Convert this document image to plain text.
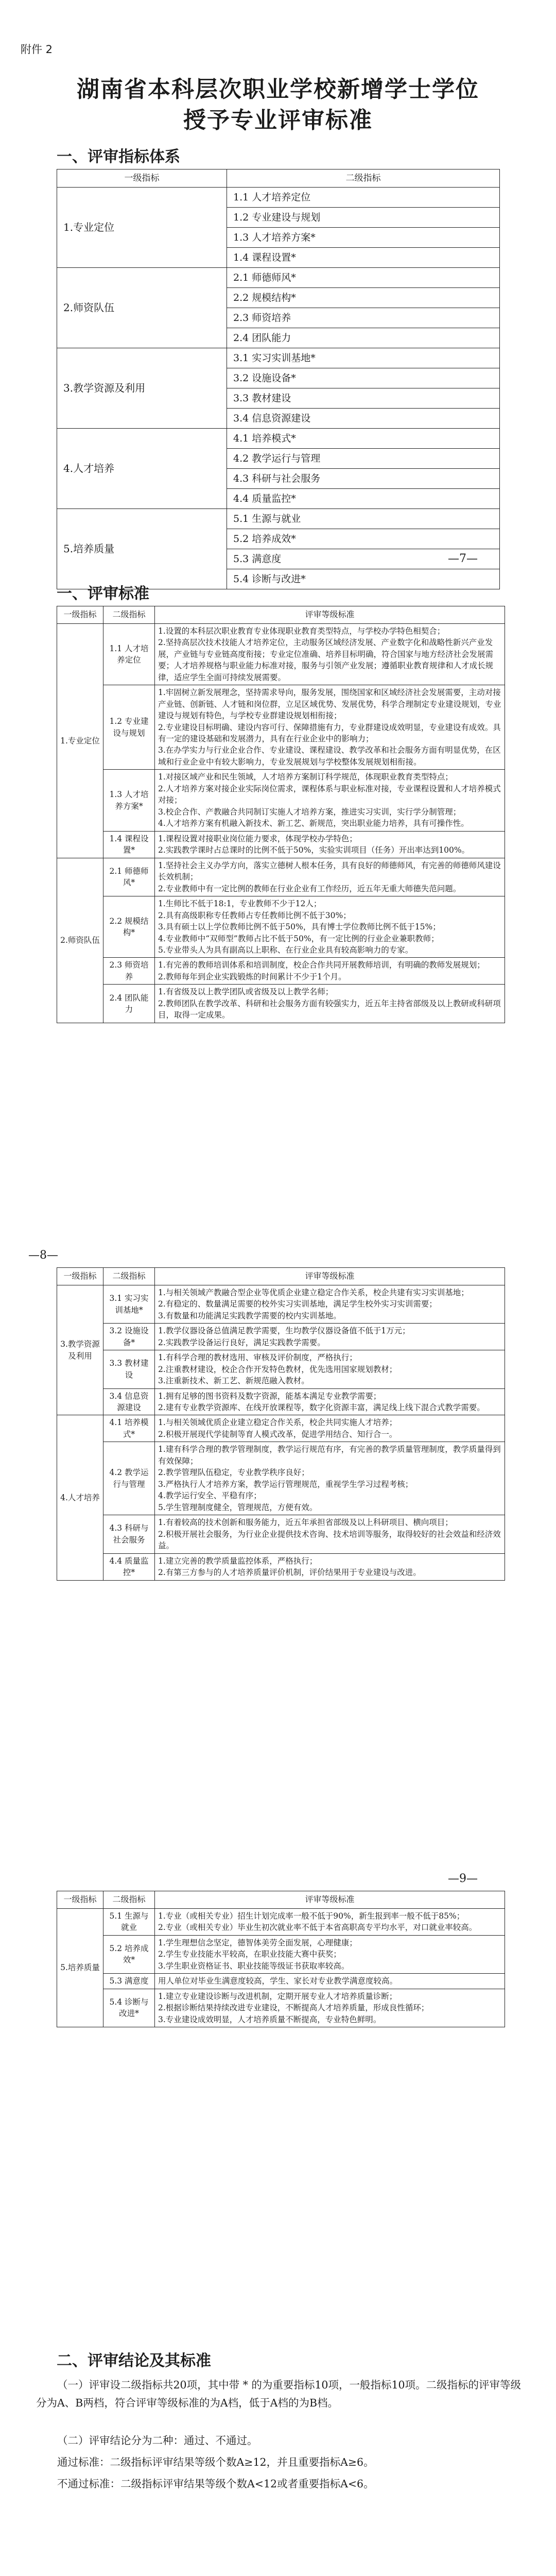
附件 2
湖南省本科层次职业学校新增学士学位
授予专业评审标准
一、评审指标体系
一级指标	二级指标
1.专业定位	1.1 人才培养定位
	1.2 专业建设与规划
	1.3 人才培养方案*
	1.4 课程设置*
2.师资队伍	2.1 师德师风*
	2.2 规模结构*
	2.3 师资培养
	2.4 团队能力
3.教学资源及利用	3.1 实习实训基地*
	3.2 设施设备*
	3.3 教材建设
	3.4 信息资源建设
4.人才培养	4.1 培养模式*
	4.2 教学运行与管理
	4.3 科研与社会服务
	4.4 质量监控*
5.培养质量	5.1 生源与就业
	5.2 培养成效*
	5.3 满意度
	5.4 诊断与改进*
—7—
一、评审标准
一级指标	二级指标	评审等级标准
1.专业定位	1.1 人才培养定位	1.设置的本科层次职业教育专业体现职业教育类型特点，与学校办学特色相契合；
2.坚持高层次技术技能人才培养定位，主动服务区域经济发展、产业数字化和战略性新兴产业发展，产业链与专业链高度衔接；专业定位准确、培养目标明确，符合国家与地方经济社会发展需要；人才培养规格与职业能力标准对接，服务与引领产业发展；遵循职业教育规律和人才成长规律，适应学生全面可持续发展需要。
	1.2 专业建设与规划	1.牢固树立新发展理念，坚持需求导向，服务发展，围绕国家和区域经济社会发展需要，主动对接产业链、创新链、人才链和岗位群，立足区域优势、发展优势，科学合理制定专业建设规划，专业建设与规划有特色，与学校专业群建设规划相衔接；
2.专业建设目标明确、建设内容可行、保障措施有力，专业群建设成效明显，专业建设有成效。具有一定的建设基础和发展潜力，具有在行业企业中的影响力；
3.在办学实力与行业企业合作、专业建设、课程建设、教学改革和社会服务方面有明显优势，在区域和行业企业中有较大影响力，专业发展规划与学校整体发展规划相衔接。
	1.3 人才培养方案*	1.对接区域产业和民生领域，人才培养方案制订科学规范，体现职业教育类型特点；
2.人才培养方案对接企业实际岗位需求，课程体系与职业标准对接，专业课程设置和人才培养模式对接；
3.校企合作、产教融合共同制订实施人才培养方案，推进实习实训，实行学分制管理；
4.人才培养方案有机融入新技术、新工艺、新规范，突出职业能力培养，具有可操作性。
	1.4 课程设置*	1.课程设置对接职业岗位能力要求，体现学校办学特色；
2.实践教学课时占总课时的比例不低于50%，实验实训项目（任务）开出率达到100%。
2.师资队伍	2.1 师德师风*	1.坚持社会主义办学方向，落实立德树人根本任务，具有良好的师德师风，有完善的师德师风建设长效机制；
2.专业教师中有一定比例的教师在行业企业有工作经历，近五年无重大师德失范问题。
	2.2 规模结构*	1.生师比不低于18:1，专业教师不少于12人；
2.具有高级职称专任教师占专任教师比例不低于30%；
3.具有硕士以上学位教师比例不低于50%，具有博士学位教师比例不低于15%；
4.专业教师中“双师型”教师占比不低于50%，有一定比例的行业企业兼职教师；
5.专业带头人为具有副高以上职称、在行业企业具有较高影响力的专家。
	2.3 师资培养	1.有完善的教师培训体系和培训制度，校企合作共同开展教师培训，有明确的教师发展规划；
2.教师每年到企业实践锻炼的时间累计不少于1个月。
	2.4 团队能力	1.有省级及以上教学团队或省级及以上教学名师；
2.教师团队在教学改革、科研和社会服务方面有较强实力，近五年主持省部级及以上教研或科研项目，取得一定成果。
—8—
一级指标	二级指标	评审等级标准
3.教学资源及利用	3.1 实习实训基地*	1.与相关领域产教融合型企业等优质企业建立稳定合作关系，校企共建有实习实训基地；
2.有稳定的、数量满足需要的校外实习实训基地，满足学生校外实习实训需要；
3.有数量和功能满足实践教学需要的校内实训基地。
	3.2 设施设备*	1.教学仪器设备总值满足教学需要，生均教学仪器设备值不低于1万元；
2.实践教学设备运行良好，满足实践教学需要。
	3.3 教材建设	1.有科学合理的教材选用、审核及评价制度，严格执行；
2.注重教材建设，校企合作开发特色教材，优先选用国家规划教材；
3.注重新技术、新工艺、新规范融入教材。
	3.4 信息资源建设	1.拥有足够的图书资料及数字资源，能基本满足专业教学需要；
2.建有专业教学资源库、在线开放课程等，数字化资源丰富，满足线上线下混合式教学需要。
4.人才培养	4.1 培养模式*	1.与相关领域优质企业建立稳定合作关系，校企共同实施人才培养；
2.积极开展现代学徒制等育人模式改革，促进学用结合、知行合一。
	4.2 教学运行与管理	1.建有科学合理的教学管理制度，教学运行规范有序，有完善的教学质量管理制度，教学质量得到有效保障；
2.教学管理队伍稳定，专业教学秩序良好；
3.严格执行人才培养方案，教学运行管理规范，重视学生学习过程考核；
4.教学运行安全、平稳有序；
5.学生管理制度健全，管理规范，方便有效。
	4.3 科研与社会服务	1.有着较高的技术创新和服务能力，近五年承担省部级及以上科研项目、横向项目；
2.积极开展社会服务，为行业企业提供技术咨询、技术培训等服务，取得较好的社会效益和经济效益。
	4.4 质量监控*	1.建立完善的教学质量监控体系，严格执行；
2.有第三方参与的人才培养质量评价机制，评价结果用于专业建设与改进。
—9—
一级指标	二级指标	评审等级标准
5.培养质量	5.1 生源与就业	1.专业（或相关专业）招生计划完成率一般不低于90%，新生报到率一般不低于85%；
2.专业（或相关专业）毕业生初次就业率不低于本省高职高专平均水平，对口就业率较高。
	5.2 培养成效*	1.学生理想信念坚定，德智体美劳全面发展，心理健康；
2.学生专业技能水平较高，在职业技能大赛中获奖；
3.学生职业资格证书、职业技能等级证书获取率较高。
	5.3 满意度	用人单位对毕业生满意度较高，学生、家长对专业教学满意度较高。
	5.4 诊断与改进*	1.建立专业建设诊断与改进机制，定期开展专业人才培养质量诊断；
2.根据诊断结果持续改进专业建设，不断提高人才培养质量，形成良性循环；
3.专业建设成效明显，人才培养质量不断提高，专业特色鲜明。
二、评审结论及其标准
（一）评审设二级指标共20项，其中带 * 的为重要指标10项，一般指标10项。二级指标的评审等级分为A、B两档，符合评审等级标准的为A档，低于A档的为B档。
（二）评审结论分为二种：通过、不通过。
通过标准：二级指标评审结果等级个数A≥12，并且重要指标A≥6。
不通过标准：二级指标评审结果等级个数A<12或者重要指标A<6。
